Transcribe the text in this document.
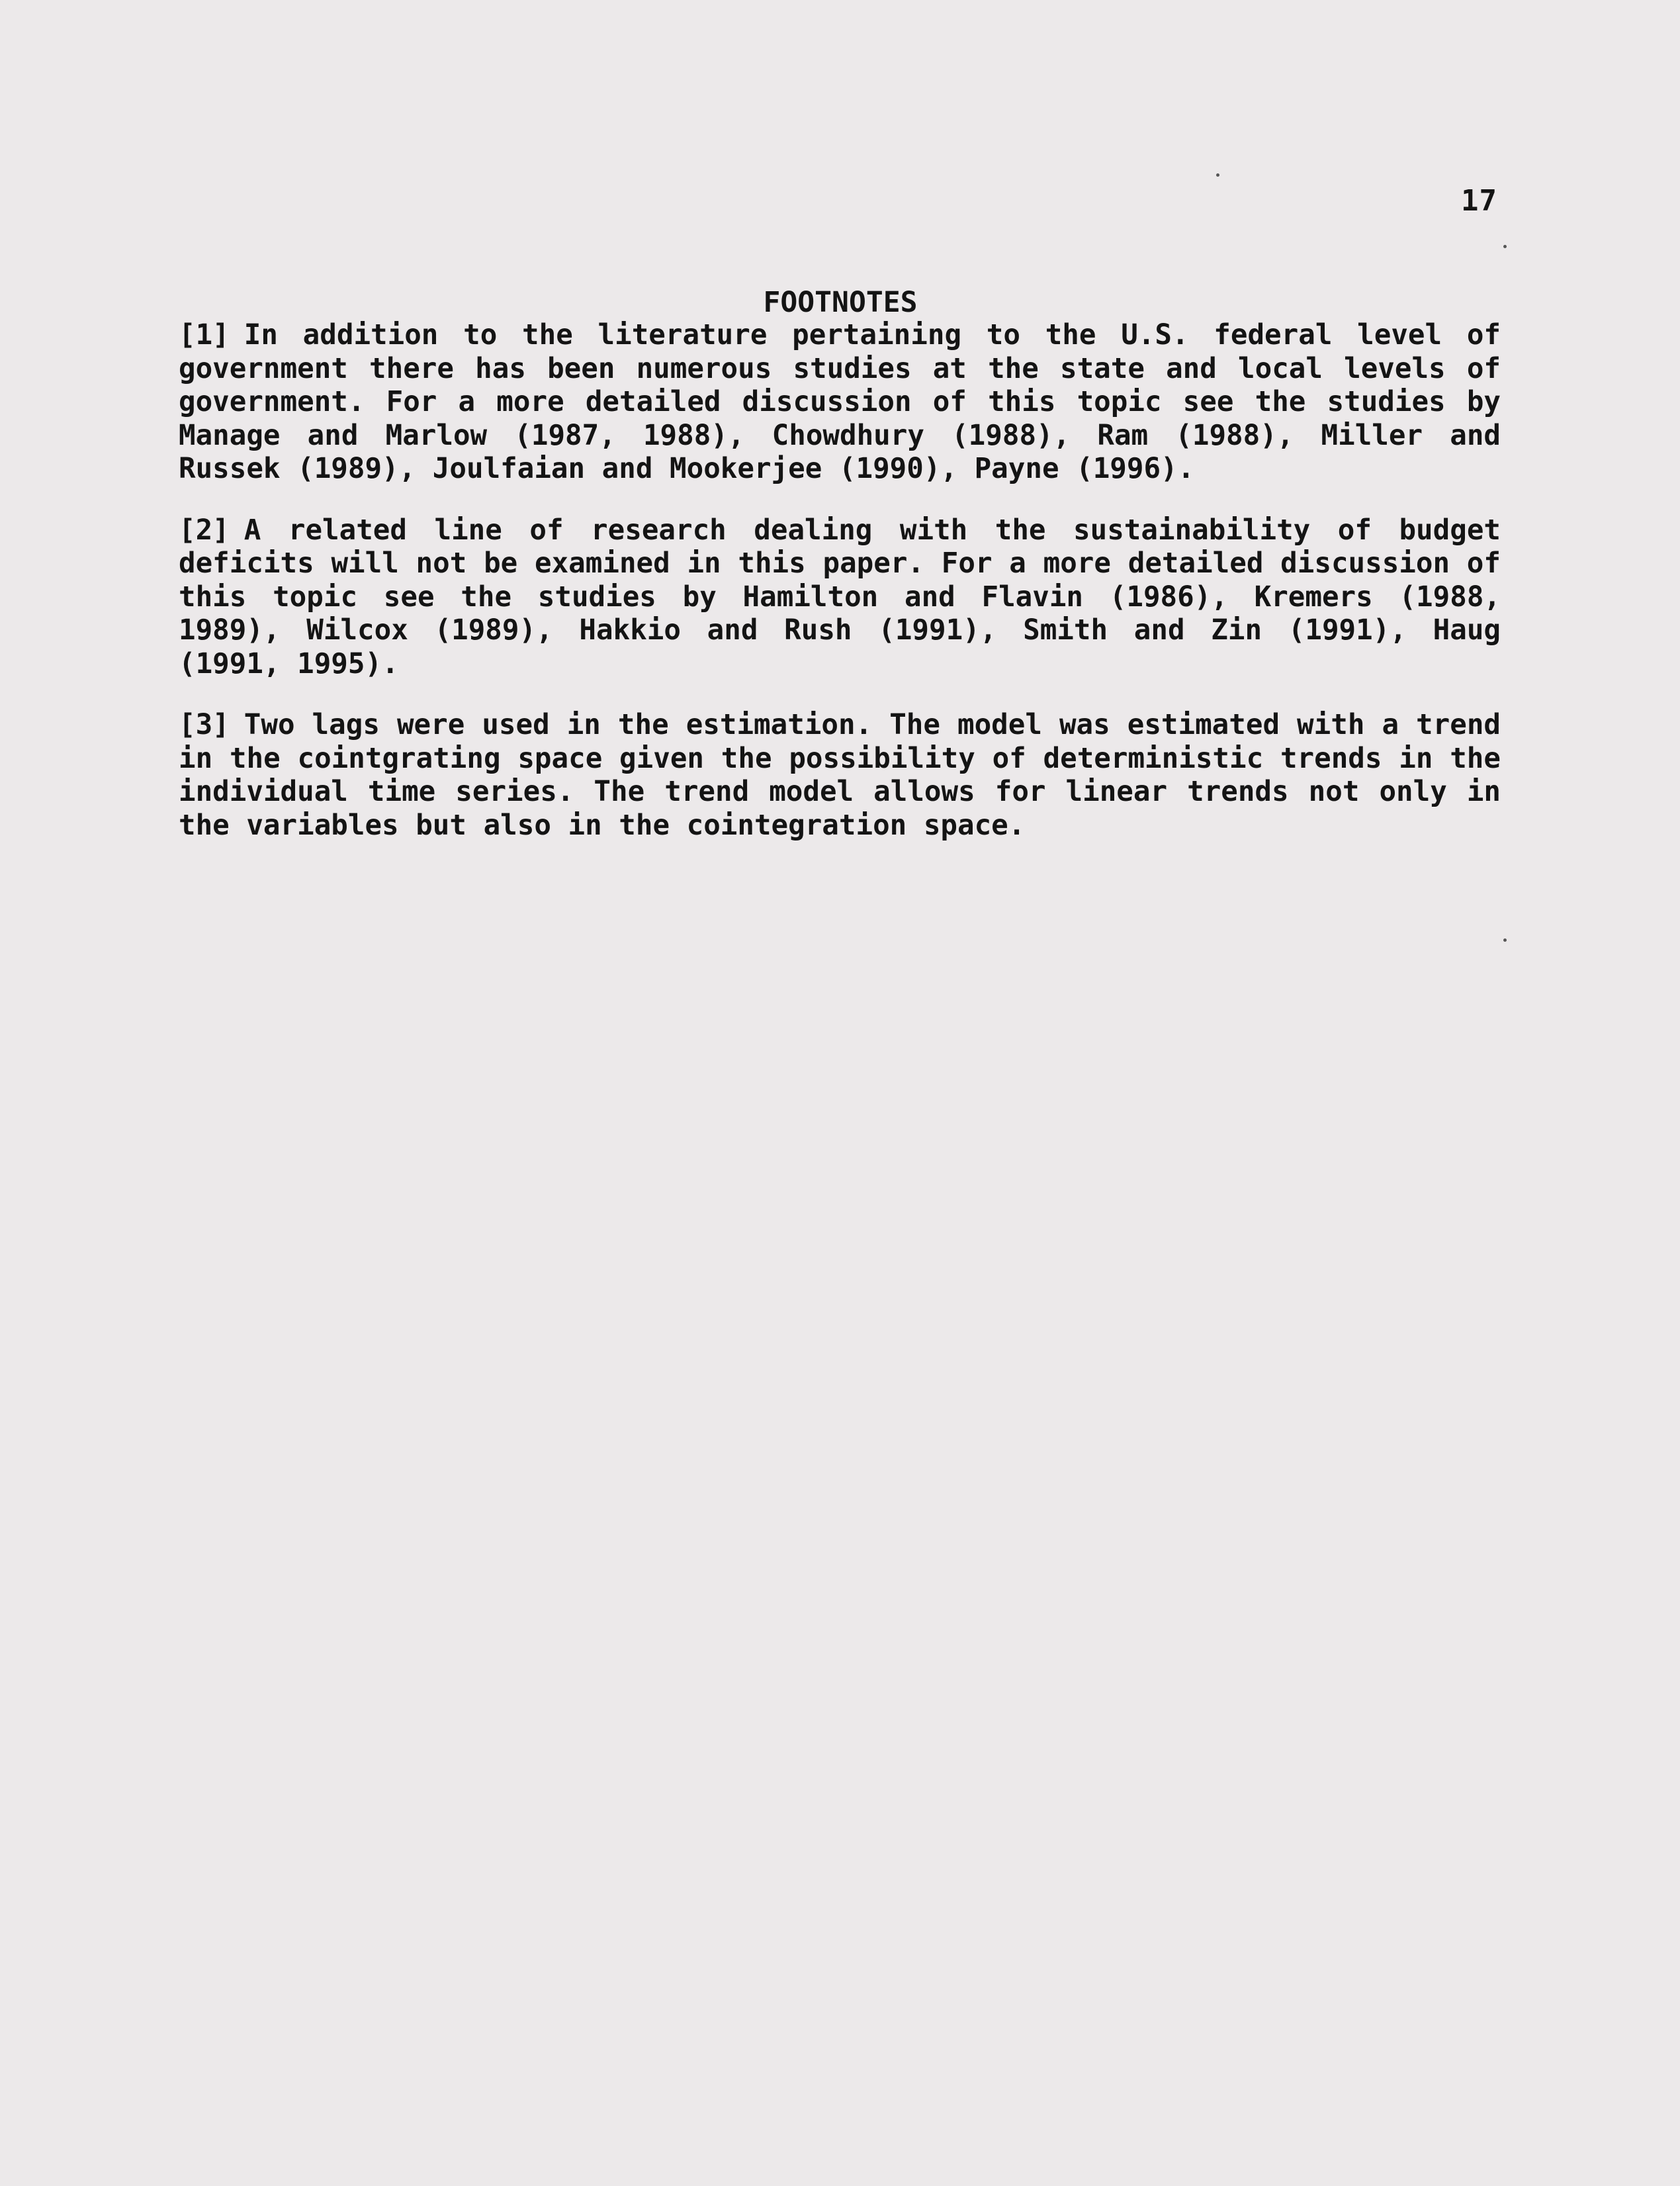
17
FOOTNOTES

[1] In addition to the literature pertaining to the U.S. federal level of government there has been numerous studies at the state and local levels of government. For a more detailed discussion of this topic see the studies by Manage and Marlow (1987, 1988), Chowdhury (1988), Ram (1988), Miller and Russek (1989), Joulfaian and Mookerjee (1990), Payne (1996).

[2] A related line of research dealing with the sustainability of budget deficits will not be examined in this paper. For a more detailed discussion of this topic see the studies by Hamilton and Flavin (1986), Kremers (1988, 1989), Wilcox (1989), Hakkio and Rush (1991), Smith and Zin (1991), Haug (1991, 1995).

[3] Two lags were used in the estimation. The model was estimated with a trend in the cointgrating space given the possibility of deterministic trends in the individual time series. The trend model allows for linear trends not only in the variables but also in the cointegration space.
